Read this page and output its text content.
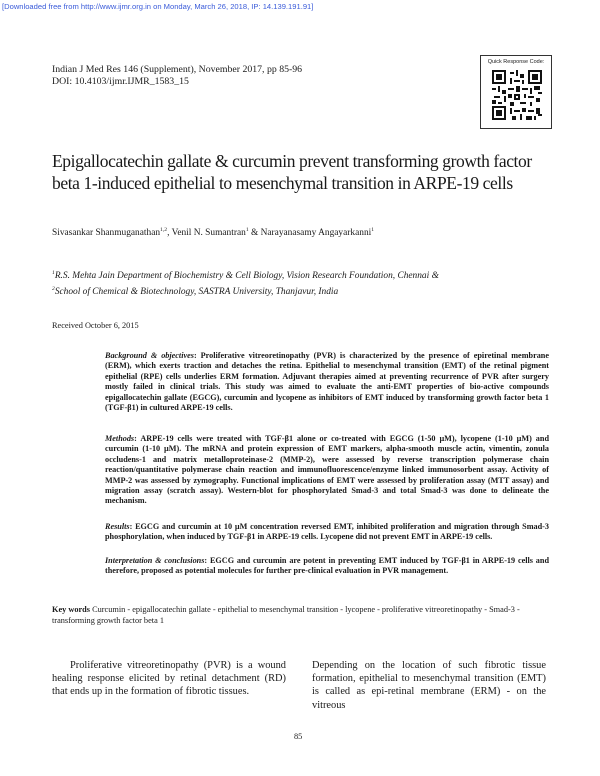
[Downloaded free from http://www.ijmr.org.in on Monday, March 26, 2018, IP: 14.139.191.91]
Indian J Med Res 146 (Supplement), November 2017, pp 85-96
DOI: 10.4103/ijmr.IJMR_1583_15
Quick Response Code:
Epigallocatechin gallate & curcumin prevent transforming growth factor beta 1-induced epithelial to mesenchymal transition in ARPE-19 cells
Sivasankar Shanmuganathan$^{1,2}$, Venil N. Sumantran$^1$ & Narayanasamy Angayarkanni$^1$
$^1$R.S. Mehta Jain Department of Biochemistry & Cell Biology, Vision Research Foundation, Chennai &
$^2$School of Chemical & Biotechnology, SASTRA University, Thanjavur, India
Received October 6, 2015
Background & objectives: Proliferative vitreoretinopathy (PVR) is characterized by the presence of epiretinal membrane (ERM), which exerts traction and detaches the retina. Epithelial to mesenchymal transition (EMT) of the retinal pigment epithelial (RPE) cells underlies ERM formation. Adjuvant therapies aimed at preventing recurrence of PVR after surgery mostly failed in clinical trials. This study was aimed to evaluate the anti-EMT properties of bio-active compounds epigallocatechin gallate (EGCG), curcumin and lycopene as inhibitors of EMT induced by transforming growth factor beta 1 (TGF-β1) in cultured ARPE-19 cells.
Methods: ARPE-19 cells were treated with TGF-β1 alone or co-treated with EGCG (1-50 µM), lycopene (1-10 µM) and curcumin (1-10 µM). The mRNA and protein expression of EMT markers, alpha-smooth muscle actin, vimentin, zonula occludens-1 and matrix metalloproteinase-2 (MMP-2), were assessed by reverse transcription polymerase chain reaction/quantitative polymerase chain reaction and immunofluorescence/enzyme linked immunosorbent assay. Activity of MMP-2 was assessed by zymography. Functional implications of EMT were assessed by proliferation assay (MTT assay) and migration assay (scratch assay). Western-blot for phosphorylated Smad-3 and total Smad-3 was done to delineate the mechanism.
Results: EGCG and curcumin at 10 µM concentration reversed EMT, inhibited proliferation and migration through Smad-3 phosphorylation, when induced by TGF-β1 in ARPE-19 cells. Lycopene did not prevent EMT in ARPE-19 cells.
Interpretation & conclusions: EGCG and curcumin are potent in preventing EMT induced by TGF-β1 in ARPE-19 cells and therefore, proposed as potential molecules for further pre-clinical evaluation in PVR management.
Key words Curcumin - epigallocatechin gallate - epithelial to mesenchymal transition - lycopene - proliferative vitreoretinopathy - Smad-3 - transforming growth factor beta 1
Proliferative vitreoretinopathy (PVR) is a wound healing response elicited by retinal detachment (RD) that ends up in the formation of fibrotic tissues.
Depending on the location of such fibrotic tissue formation, epithelial to mesenchymal transition (EMT) is called as epi-retinal membrane (ERM) - on the vitreous
85
